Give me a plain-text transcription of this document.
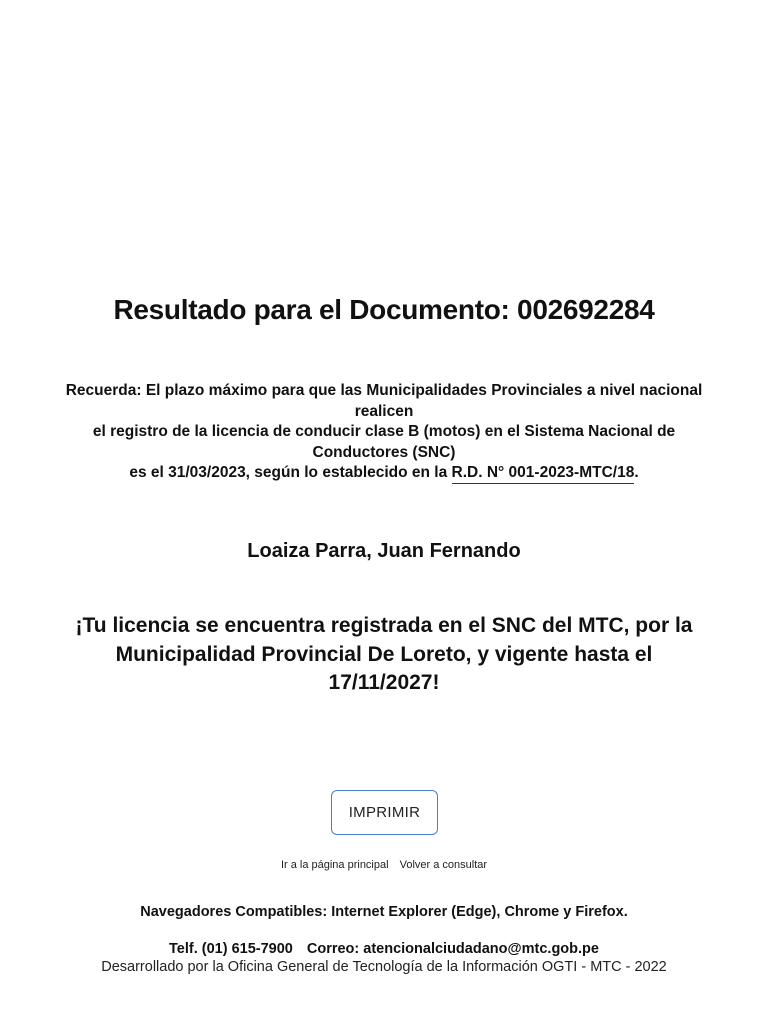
Resultado para el Documento: 002692284

Recuerda: El plazo máximo para que las Municipalidades Provinciales a nivel nacional
realicen
el registro de la licencia de conducir clase B (motos) en el Sistema Nacional de
Conductores (SNC)
es el 31/03/2023, según lo establecido en la R.D. N° 001-2023-MTC/18.

Loaiza Parra, Juan Fernando

¡Tu licencia se encuentra registrada en el SNC del MTC, por la
Municipalidad Provincial De Loreto, y vigente hasta el
17/11/2027!

IMPRIMIR
Ir a la página principal Volver a consultar

Navegadores Compatibles: Internet Explorer (Edge), Chrome y Firefox.

Telf. (01) 615-7900 Correo: atencionalciudadano@mtc.gob.pe

Desarrollado por la Oficina General de Tecnología de la Información OGTI - MTC - 2022
